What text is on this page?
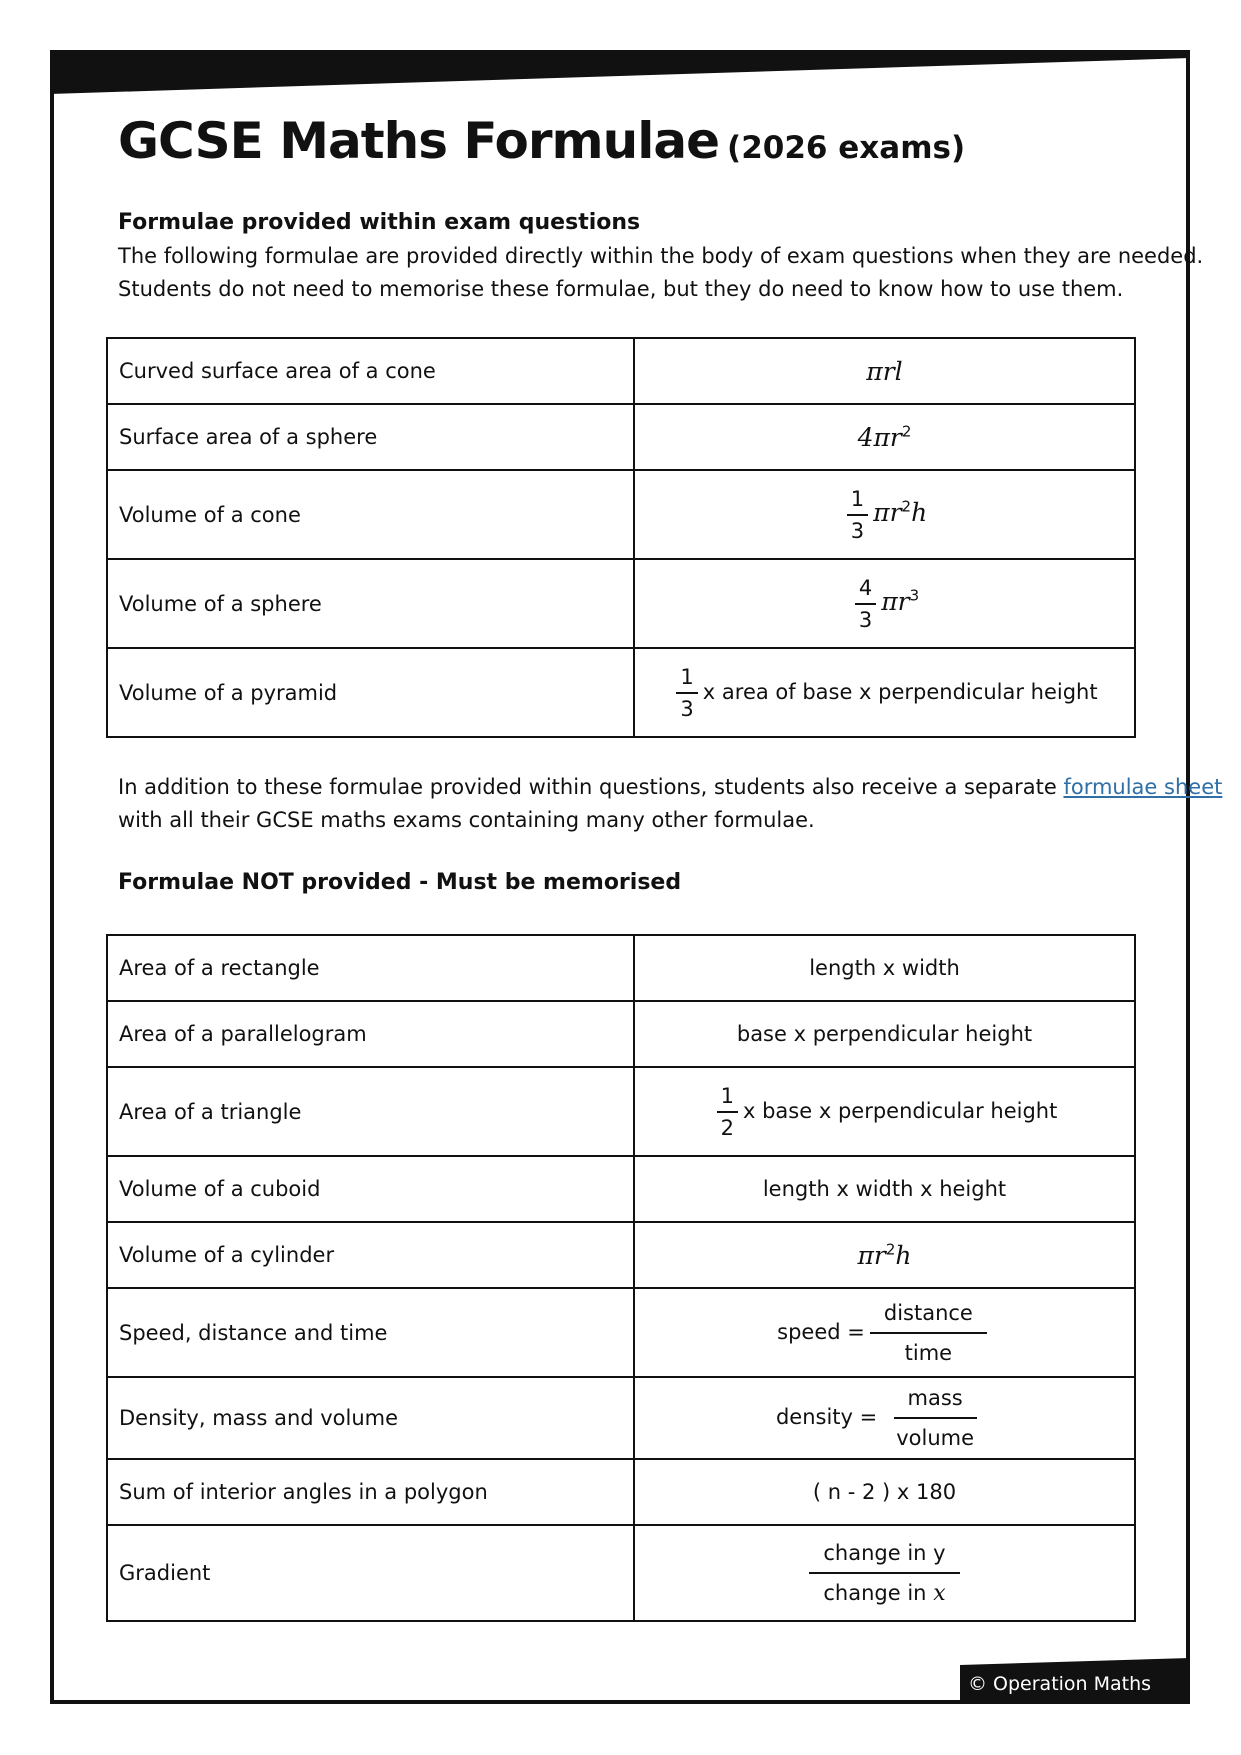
GCSE Maths Formulae (2026 exams)
Formulae provided within exam questions
The following formulae are provided directly within the body of exam questions when they are needed.
Students do not need to memorise these formulae, but they do need to know how to use them.
Curved surface area of a cone	πrl
Surface area of a sphere	$4\pi r^2$
Volume of a cone	$\frac{1}{3} \pi r^2h$
Volume of a sphere	$\frac{4}{3} \pi r^3$
Volume of a pyramid	$\frac{1}{3}$ x area of base x perpendicular height
In addition to these formulae provided within questions, students also receive a separate formulae sheet
with all their GCSE maths exams containing many other formulae.
Formulae NOT provided - Must be memorised
Area of a rectangle	length x width
Area of a parallelogram	base x perpendicular height
Area of a triangle	$\frac{1}{2}$ x base x perpendicular height
Volume of a cuboid	length x width x height
Volume of a cylinder	$\pi r^2h$
Speed, distance and time	speed = $\frac{\text{distance}}{\text{time}}$

Density, mass and volume	density = $\frac{\text{mass}}{\text{volume}}$

Sum of interior angles in a polygon	( n - 2 ) x 180
Gradient	$\frac{\text{change in y}}{\text{change in x}}$
© Operation Maths
